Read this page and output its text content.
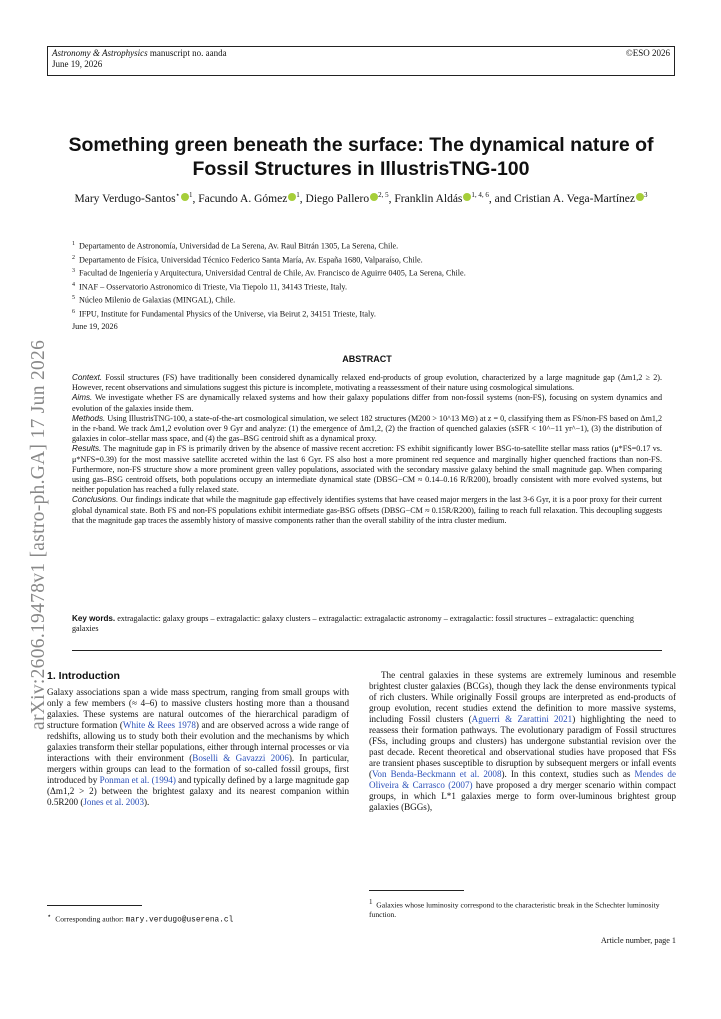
Astronomy & Astrophysics manuscript no. aanda
June 19, 2026
©ESO 2026
arXiv:2606.19478v1 [astro-ph.GA] 17 Jun 2026
Something green beneath the surface: The dynamical nature of Fossil Structures in IllustrisTNG-100
Mary Verdugo-Santos⋆ $^1$, Facundo A. Gómez $^1$, Diego Pallero $^{2, 5}$, Franklin Aldás $^{1, 4, 6}$, and Cristian A. Vega-Martínez $^3$
$^1$ Departamento de Astronomía, Universidad de La Serena, Av. Raul Bitrán 1305, La Serena, Chile.
$^2$ Departamento de Física, Universidad Técnico Federico Santa María, Av. España 1680, Valparaíso, Chile.
$^3$ Facultad de Ingeniería y Arquitectura, Universidad Central de Chile, Av. Francisco de Aguirre 0405, La Serena, Chile.
$^4$ INAF – Osservatorio Astronomico di Trieste, Via Tiepolo 11, 34143 Trieste, Italy.
$^5$ Núcleo Milenio de Galaxias (MINGAL), Chile.
$^6$ IFPU, Institute for Fundamental Physics of the Universe, via Beirut 2, 34151 Trieste, Italy.
June 19, 2026
ABSTRACT

Context. Fossil structures (FS) have traditionally been considered dynamically relaxed end-products of group evolution, characterized by a large magnitude gap (Δm1,2 ≥ 2). However, recent observations and simulations suggest this picture is incomplete, motivating a reassessment of their nature using cosmological simulations.

Aims. We investigate whether FS are dynamically relaxed systems and how their galaxy populations differ from non-fossil systems (non-FS), focusing on system dynamics and evolution of the galaxies inside them.

Methods. Using IllustrisTNG-100, a state-of-the-art cosmological simulation, we select 182 structures (M200 > 10^13 M⊙) at z = 0, classifying them as FS/non-FS based on Δm1,2 in the r-band. We track Δm1,2 evolution over 9 Gyr and analyze: (1) the emergence of Δm1,2, (2) the fraction of quenched galaxies (sSFR < 10^−11 yr^−1), (3) the distribution of galaxies in color–stellar mass space, and (4) the gas–BSG centroid shift as a dynamical proxy.

Results. The magnitude gap in FS is primarily driven by the absence of massive recent accretion: FS exhibit significantly lower BSG-to-satellite stellar mass ratios (μ*FS=0.17 vs. μ*NFS=0.39) for the most massive satellite accreted within the last 6 Gyr. FS also host a more prominent red sequence and marginally higher quenched fractions than non-FS. Furthermore, non-FS structure show a more prominent green valley populations, associated with the secondary massive galaxy behind the small magnitude gap. When comparing using gas–BSG centroid offsets, both populations occupy an intermediate dynamical state (DBSG−CM ≈ 0.14–0.16 R/R200), broadly consistent with more evolved systems, but neither population has reached a fully relaxed state.

Conclusions. Our findings indicate that while the magnitude gap effectively identifies systems that have ceased major mergers in the last 3-6 Gyr, it is a poor proxy for their current global dynamical state. Both FS and non-FS populations exhibit intermediate gas-BSG offsets (DBSG−CM ≈ 0.15R/R200), failing to reach full relaxation. This decoupling suggests that the magnitude gap traces the assembly history of massive components rather than the overall stability of the intra cluster medium.

Key words. extragalactic: galaxy groups – extragalactic: galaxy clusters – extragalactic: extragalactic astronomy – extragalactic: fossil structures – extragalactic: quenching galaxies
1. Introduction

Galaxy associations span a wide mass spectrum, ranging from small groups with only a few members (≈ 4–6) to massive clusters hosting more than a thousand galaxies. These systems are natural outcomes of the hierarchical paradigm of structure formation (White & Rees 1978) and are observed across a wide range of redshifts, allowing us to study both their evolution and the mechanisms by which galaxies transform their stellar populations, either through internal processes or via interactions with their environment (Boselli & Gavazzi 2006). In particular, mergers within groups can lead to the formation of so-called fossil groups, first introduced by Ponman et al. (1994) and typically defined by a large magnitude gap (Δm1,2 > 2) between the brightest galaxy and its nearest companion within 0.5R200 (Jones et al. 2003).

The central galaxies in these systems are extremely luminous and resemble brightest cluster galaxies (BCGs), though they lack the dense environments typical of rich clusters. While originally Fossil groups are interpreted as end-products of group evolution, recent studies extend the definition to more massive systems, including Fossil clusters (Aguerri & Zarattini 2021) highlighting the need to reassess their formation pathways. The evolutionary paradigm of Fossil structures (FSs, including groups and clusters) has undergone substantial revision over the past decade. Recent theoretical and observational studies have proposed that FSs are transient phases susceptible to disruption by subsequent mergers or infall events (Von Benda-Beckmann et al. 2008). In this context, studies such as Mendes de Oliveira & Carrasco (2007) have proposed a dry merger scenario within compact groups, in which L*1 galaxies merge to form over-luminous brightest group galaxies (BGGs),

⋆ Corresponding author: mary.verdugo@userena.cl
$^1$ Galaxies whose luminosity correspond to the characteristic break in the Schechter luminosity function.
Article number, page 1
